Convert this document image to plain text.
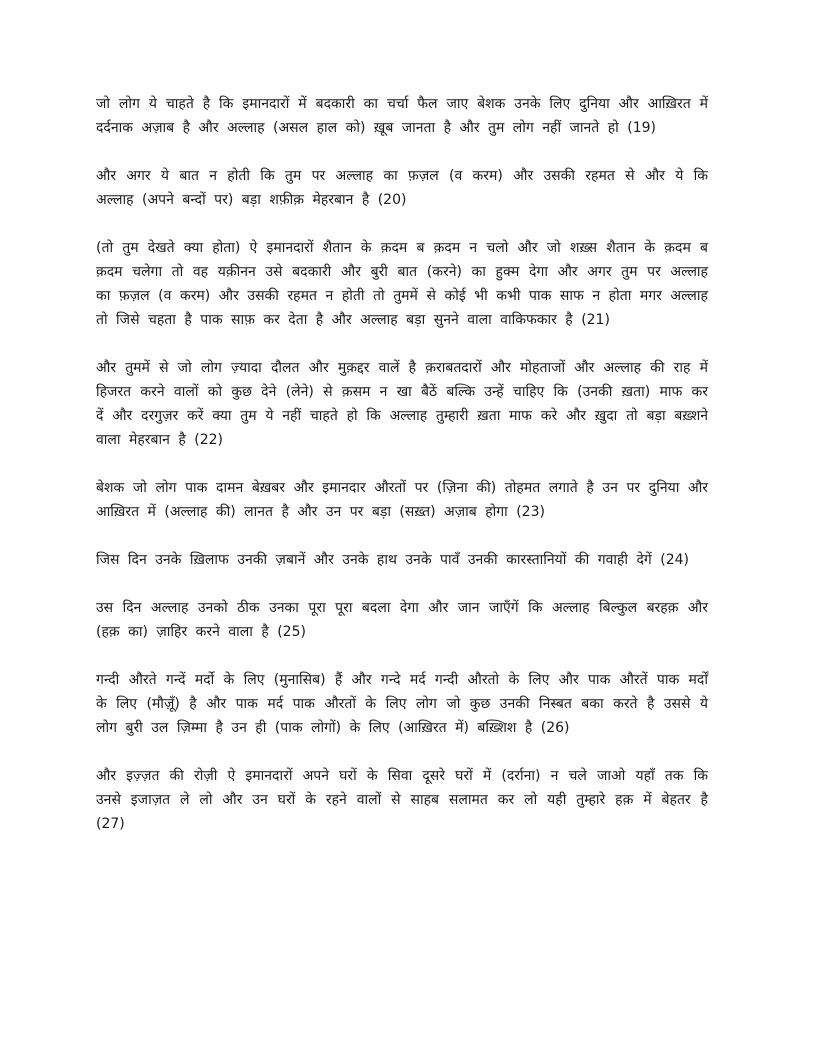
जो लोग ये चाहते है कि इमानदारों में बदकारी का चर्चा फैल जाए बेशक उनके लिए दुनिया और आख़िरत में दर्दनाक अज़ाब है और अल्लाह (असल हाल को) ख़ूब जानता है और तुम लोग नहीं जानते हो (19)

और अगर ये बात न होती कि तुम पर अल्लाह का फ़ज़ल (व करम) और उसकी रहमत से और ये कि अल्लाह (अपने बन्दों पर) बड़ा शफ़ीक़ मेहरबान है (20)

(तो तुम देखते क्या होता) ऐ इमानदारों शैतान के क़दम ब क़दम न चलो और जो शख़्स शैतान के क़दम ब क़दम चलेगा तो वह यक़ीनन उसे बदकारी और बुरी बात (करने) का हुक्म देगा और अगर तुम पर अल्लाह का फ़ज़ल (व करम) और उसकी रहमत न होती तो तुममें से कोई भी कभी पाक साफ न होता मगर अल्लाह तो जिसे चहता है पाक साफ़ कर देता है और अल्लाह बड़ा सुनने वाला वाकिफकार है (21)

और तुममें से जो लोग ज़्यादा दौलत और मुक़द्दर वालें है क़राबतदारों और मोहताजों और अल्लाह की राह में हिजरत करने वालों को कुछ देने (लेने) से क़सम न खा बैठें बल्कि उन्हें चाहिए कि (उनकी ख़ता) माफ कर दें और दरगुज़र करें क्या तुम ये नहीं चाहते हो कि अल्लाह तुम्हारी ख़ता माफ करे और ख़ुदा तो बड़ा बख़्शने वाला मेहरबान है (22)

बेशक जो लोग पाक दामन बेख़बर और इमानदार औरतों पर (ज़िना की) तोहमत लगाते है उन पर दुनिया और आख़िरत में (अल्लाह की) लानत है और उन पर बड़ा (सख़्त) अज़ाब होगा (23)

जिस दिन उनके ख़िलाफ उनकी ज़बानें और उनके हाथ उनके पावँ उनकी कारस्तानियों की गवाही देगें (24)

उस दिन अल्लाह उनको ठीक उनका पूरा पूरा बदला देगा और जान जाएँगें कि अल्लाह बिल्कुल बरहक़ और (हक़ का) ज़ाहिर करने वाला है (25)

गन्दी औरते गन्दें मर्दो के लिए (मुनासिब) हैं और गन्दे मर्द गन्दी औरतो के लिए और पाक औरतें पाक मर्दों के लिए (मौज़ूँ) है और पाक मर्द पाक औरतों के लिए लोग जो कुछ उनकी निस्बत बका करते है उससे ये लोग बुरी उल ज़िम्मा है उन ही (पाक लोगों) के लिए (आख़िरत में) बख़्शिश है (26)

और इज़्ज़त की रोज़ी ऐ इमानदारों अपने घरों के सिवा दूसरे घरों में (दर्राना) न चले जाओ यहाँ तक कि उनसे इजाज़त ले लो और उन घरों के रहने वालों से साहब सलामत कर लो यही तुम्हारे हक़ में बेहतर है (27)
